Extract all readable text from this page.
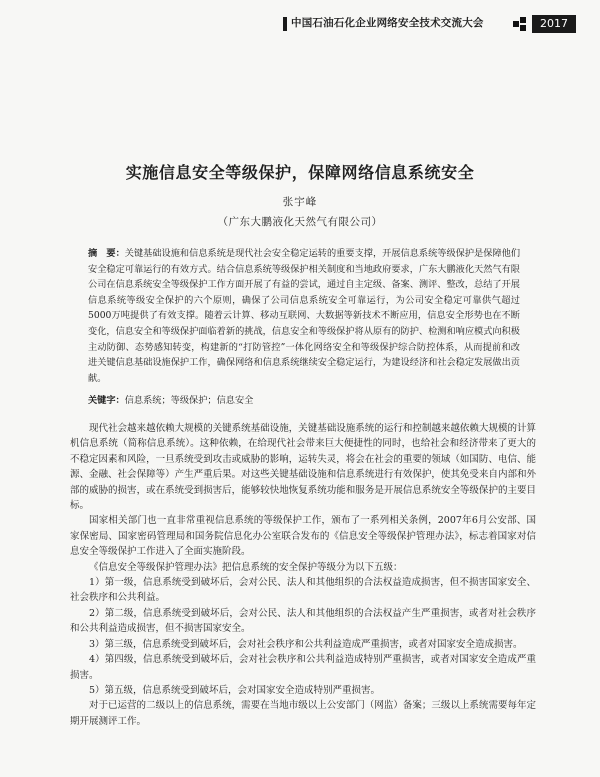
中国石油石化企业网络安全技术交流大会	2017
实施信息安全等级保护，保障网络信息系统安全
张宇峰
（广东大鹏液化天然气有限公司）
摘　要：关键基础设施和信息系统是现代社会安全稳定运转的重要支撑，开展信息系统等级保护是保障他们安全稳定可靠运行的有效方式。结合信息系统等级保护相关制度和当地政府要求，广东大鹏液化天然气有限公司在信息系统安全等级保护工作方面开展了有益的尝试，通过自主定级、备案、测评、整改，总结了开展信息系统等级安全保护的六个原则，确保了公司信息系统安全可靠运行，为公司安全稳定可靠供气超过5000万吨提供了有效支撑。随着云计算、移动互联网、大数据等新技术不断应用，信息安全形势也在不断变化，信息安全和等级保护面临着新的挑战，信息安全和等级保护将从原有的防护、检测和响应模式向积极主动防御、态势感知转变，构建新的“打防管控”一体化网络安全和等级保护综合防控体系，从而提前和改进关键信息基础设施保护工作，确保网络和信息系统继续安全稳定运行，为建设经济和社会稳定发展做出贡献。
关键字：信息系统；等级保护；信息安全

现代社会越来越依赖大规模的关键系统基础设施，关键基础设施系统的运行和控制越来越依赖大规模的计算机信息系统（简称信息系统）。这种依赖，在给现代社会带来巨大便捷性的同时，也给社会和经济带来了更大的不稳定因素和风险，一旦系统受到攻击或威胁的影响，运转失灵，将会在社会的重要的领域（如国防、电信、能源、金融、社会保障等）产生严重后果。对这些关键基础设施和信息系统进行有效保护，使其免受来自内部和外部的威胁的损害，或在系统受到损害后，能够较快地恢复系统功能和服务是开展信息系统安全等级保护的主要目标。

国家相关部门也一直非常重视信息系统的等级保护工作，颁布了一系列相关条例，2007年6月公安部、国家保密局、国家密码管理局和国务院信息化办公室联合发布的《信息安全等级保护管理办法》，标志着国家对信息安全等级保护工作进入了全面实施阶段。

《信息安全等级保护管理办法》把信息系统的安全保护等级分为以下五级：

1）第一级，信息系统受到破坏后，会对公民、法人和其他组织的合法权益造成损害，但不损害国家安全、社会秩序和公共利益。

2）第二级，信息系统受到破坏后，会对公民、法人和其他组织的合法权益产生严重损害，或者对社会秩序和公共利益造成损害，但不损害国家安全。

3）第三级，信息系统受到破坏后，会对社会秩序和公共利益造成严重损害，或者对国家安全造成损害。

4）第四级，信息系统受到破坏后，会对社会秩序和公共利益造成特别严重损害，或者对国家安全造成严重损害。

5）第五级，信息系统受到破坏后，会对国家安全造成特别严重损害。

对于已运营的二级以上的信息系统，需要在当地市级以上公安部门（网监）备案；三级以上系统需要每年定期开展测评工作。
